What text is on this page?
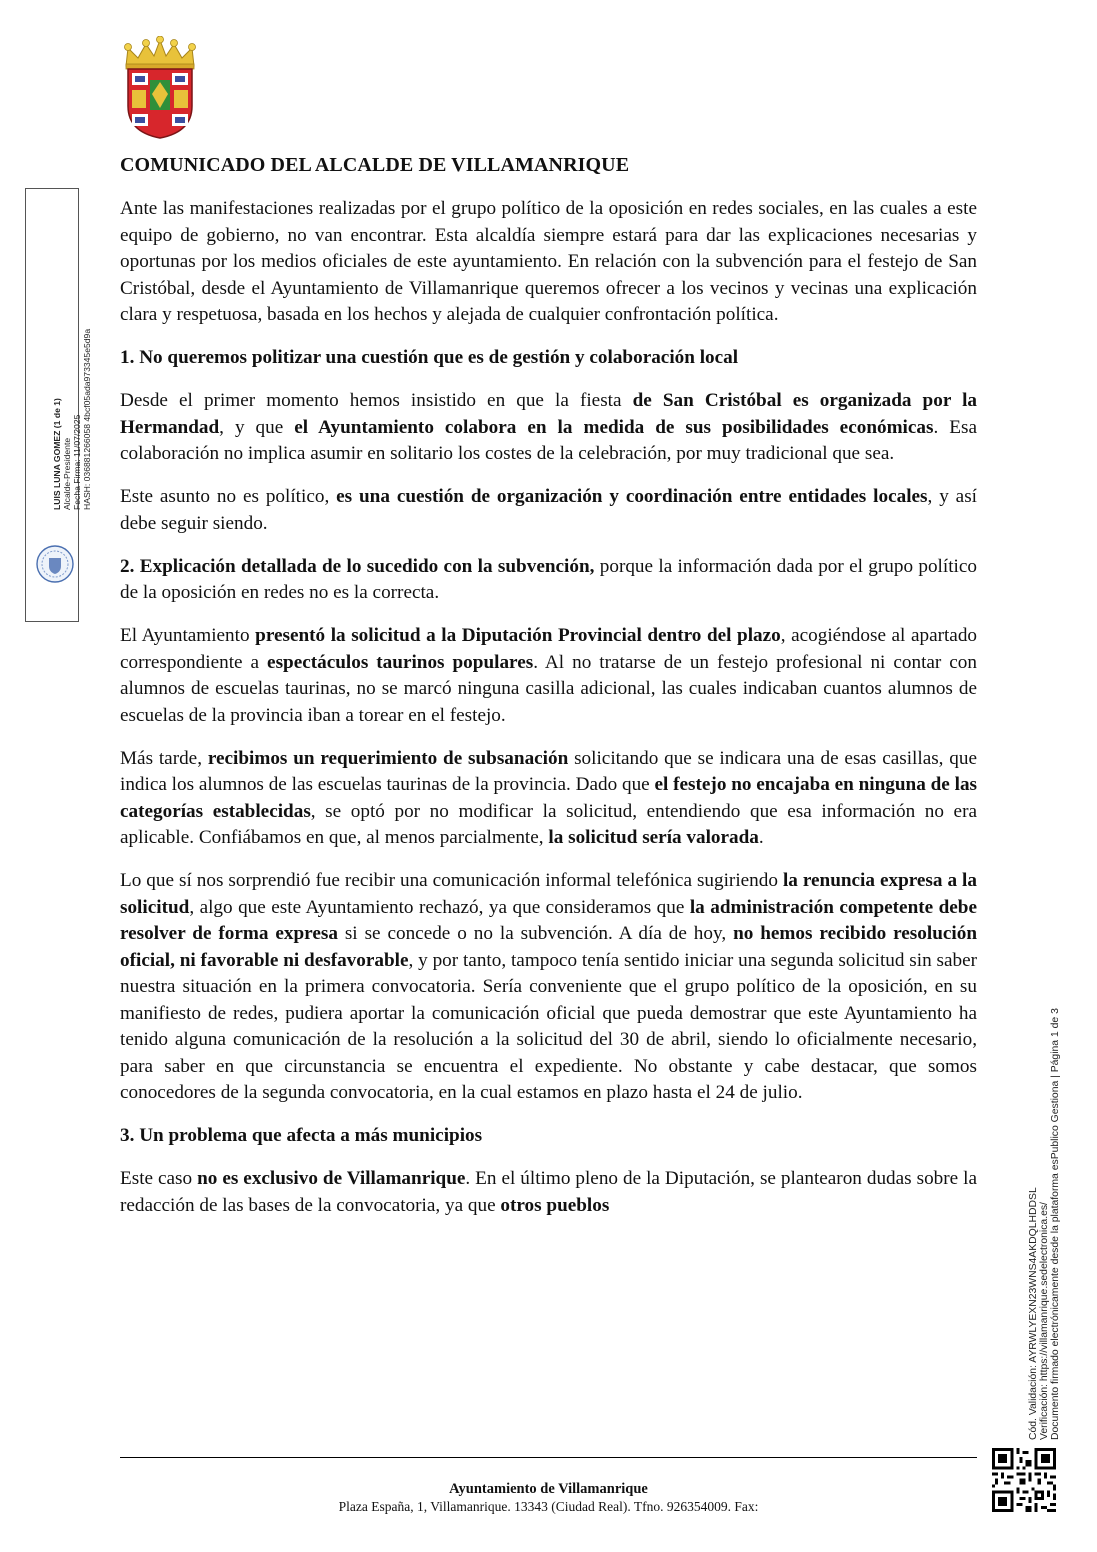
COMUNICADO DEL ALCALDE DE VILLAMANRIQUE

Ante las manifestaciones realizadas por el grupo político de la oposición en redes sociales, en las cuales a este equipo de gobierno, no van encontrar. Esta alcaldía siempre estará para dar las explicaciones necesarias y oportunas por los medios oficiales de este ayuntamiento. En relación con la subvención para el festejo de San Cristóbal, desde el Ayuntamiento de Villamanrique queremos ofrecer a los vecinos y vecinas una explicación clara y respetuosa, basada en los hechos y alejada de cualquier confrontación política.

1. No queremos politizar una cuestión que es de gestión y colaboración local

Desde el primer momento hemos insistido en que la fiesta de San Cristóbal es organizada por la Hermandad, y que el Ayuntamiento colabora en la medida de sus posibilidades económicas. Esa colaboración no implica asumir en solitario los costes de la celebración, por muy tradicional que sea.

Este asunto no es político, es una cuestión de organización y coordinación entre entidades locales, y así debe seguir siendo.

2. Explicación detallada de lo sucedido con la subvención, porque la información dada por el grupo político de la oposición en redes no es la correcta.

El Ayuntamiento presentó la solicitud a la Diputación Provincial dentro del plazo, acogiéndose al apartado correspondiente a espectáculos taurinos populares. Al no tratarse de un festejo profesional ni contar con alumnos de escuelas taurinas, no se marcó ninguna casilla adicional, las cuales indicaban cuantos alumnos de escuelas de la provincia iban a torear en el festejo.

Más tarde, recibimos un requerimiento de subsanación solicitando que se indicara una de esas casillas, que indica los alumnos de las escuelas taurinas de la provincia. Dado que el festejo no encajaba en ninguna de las categorías establecidas, se optó por no modificar la solicitud, entendiendo que esa información no era aplicable. Confiábamos en que, al menos parcialmente, la solicitud sería valorada.

Lo que sí nos sorprendió fue recibir una comunicación informal telefónica sugiriendo la renuncia expresa a la solicitud, algo que este Ayuntamiento rechazó, ya que consideramos que la administración competente debe resolver de forma expresa si se concede o no la subvención. A día de hoy, no hemos recibido resolución oficial, ni favorable ni desfavorable, y por tanto, tampoco tenía sentido iniciar una segunda solicitud sin saber nuestra situación en la primera convocatoria. Sería conveniente que el grupo político de la oposición, en su manifiesto de redes, pudiera aportar la comunicación oficial que pueda demostrar que este Ayuntamiento ha tenido alguna comunicación de la resolución a la solicitud del 30 de abril, siendo lo oficialmente necesario, para saber en que circunstancia se encuentra el expediente. No obstante y cabe destacar, que somos conocedores de la segunda convocatoria, en la cual estamos en plazo hasta el 24 de julio.

3. Un problema que afecta a más municipios

Este caso no es exclusivo de Villamanrique. En el último pleno de la Diputación, se plantearon dudas sobre la redacción de las bases de la convocatoria, ya que otros pueblos

Ayuntamiento de Villamanrique
Plaza España, 1, Villamanrique. 13343 (Ciudad Real). Tfno. 926354009. Fax:
LUIS LUNA GOMEZ (1 de 1) Alcalde-Presidente Fecha Firma: 11/07/2025 HASH: 036881266058 4bcf05ada973345e5d9a
Cód. Validación: AYRWLYEXN23WNS4AKDQLHDDSL Verificación: https://villamanrique.sedelectronica.es/ Documento firmado electrónicamente desde la plataforma esPublico Gestiona | Página 1 de 3
